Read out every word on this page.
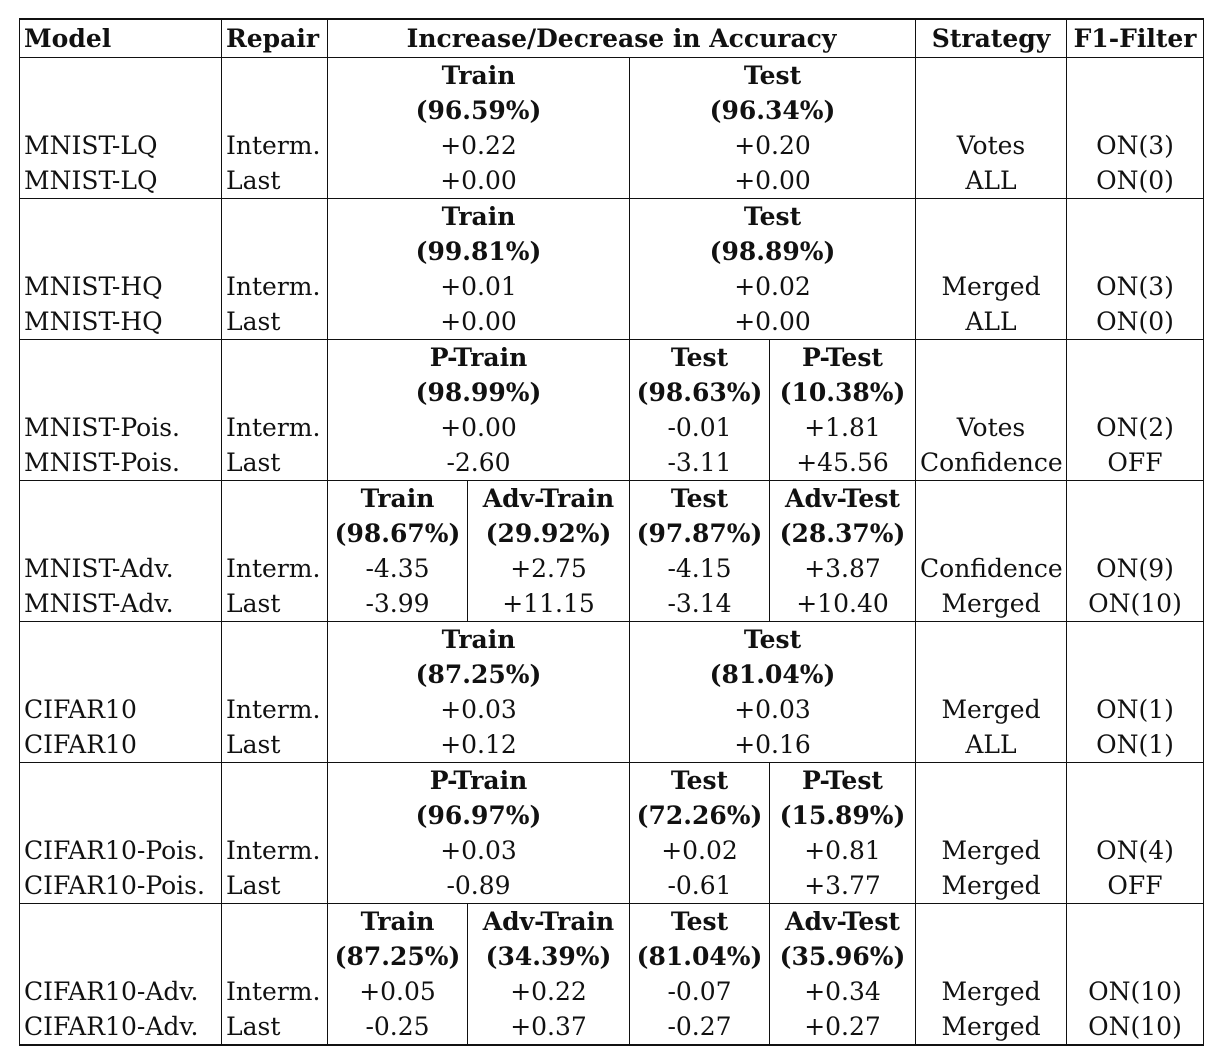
Model	Repair	Increase/Decrease in Accuracy				Strategy	F1-Filter
		Train		Test			
		(96.59%)		(96.34%)			
MNIST-LQ	Interm.	+0.22		+0.20		Votes	ON(3)
MNIST-LQ	Last	+0.00		+0.00		ALL	ON(0)
		Train		Test			
		(99.81%)		(98.89%)			
MNIST-HQ	Interm.	+0.01		+0.02		Merged	ON(3)
MNIST-HQ	Last	+0.00		+0.00		ALL	ON(0)
		P-Train		Test	P-Test		
		(98.99%)		(98.63%)	(10.38%)		
MNIST-Pois.	Interm.	+0.00		-0.01	+1.81	Votes	ON(2)
MNIST-Pois.	Last	-2.60		-3.11	+45.56	Confidence	OFF
		Train	Adv-Train	Test	Adv-Test		
		(98.67%)	(29.92%)	(97.87%)	(28.37%)		
MNIST-Adv.	Interm.	-4.35	+2.75	-4.15	+3.87	Confidence	ON(9)
MNIST-Adv.	Last	-3.99	+11.15	-3.14	+10.40	Merged	ON(10)
		Train		Test			
		(87.25%)		(81.04%)			
CIFAR10	Interm.	+0.03		+0.03		Merged	ON(1)
CIFAR10	Last	+0.12		+0.16		ALL	ON(1)
		P-Train		Test	P-Test		
		(96.97%)		(72.26%)	(15.89%)		
CIFAR10-Pois.	Interm.	+0.03		+0.02	+0.81	Merged	ON(4)
CIFAR10-Pois.	Last	-0.89		-0.61	+3.77	Merged	OFF
		Train	Adv-Train	Test	Adv-Test		
		(87.25%)	(34.39%)	(81.04%)	(35.96%)		
CIFAR10-Adv.	Interm.	+0.05	+0.22	-0.07	+0.34	Merged	ON(10)
CIFAR10-Adv.	Last	-0.25	+0.37	-0.27	+0.27	Merged	ON(10)
